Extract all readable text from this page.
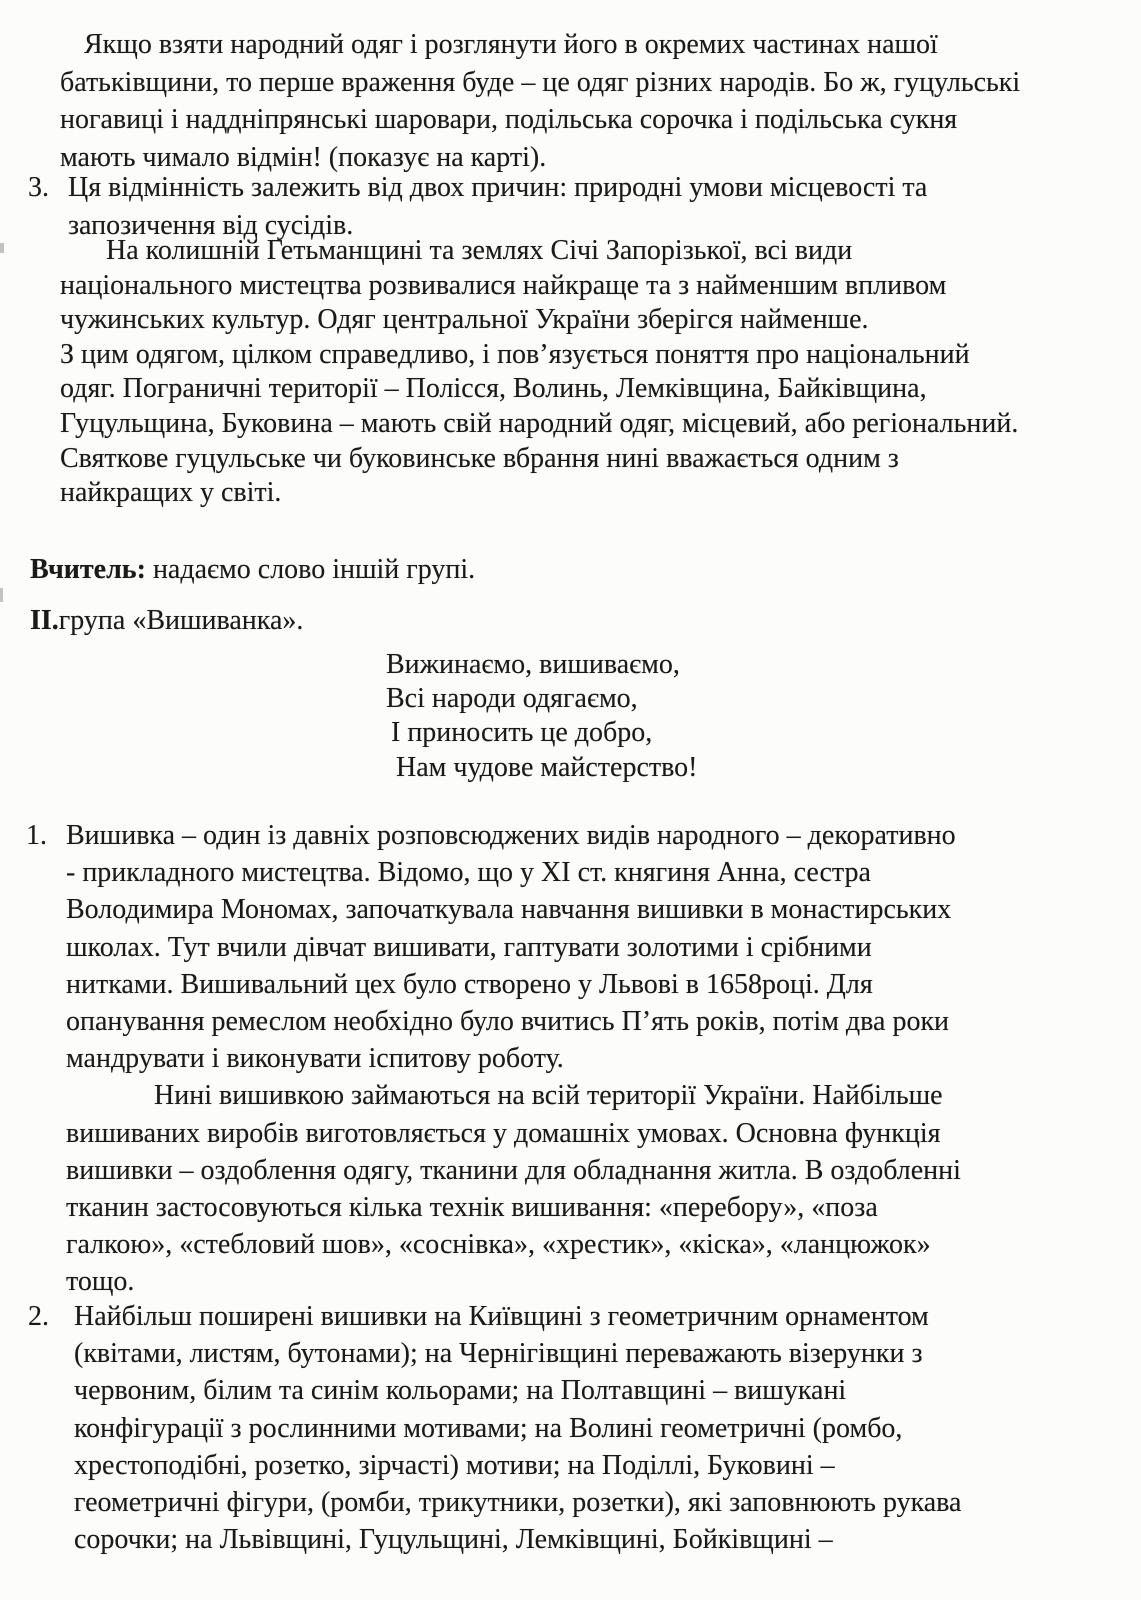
Якщо взяти народний одяг і розглянути його в окремих частинах нашої
батьківщини, то перше враження буде – це одяг різних народів. Бо ж, гуцульські
ногавиці і наддніпрянські шаровари, подільська сорочка і подільська сукня
мають чимало відмін! (показує на карті).
3. Ця відмінність залежить від двох причин: природні умови місцевості та
запозичення від сусідів.
На колишній Гетьманщині та землях Січі Запорізької, всі види
національного мистецтва розвивалися найкраще та з найменшим впливом
чужинських культур. Одяг центральної України зберігся найменше.
З цим одягом, цілком справедливо, і пов’язується поняття про національний
одяг. Пограничні території – Полісся, Волинь, Лемківщина, Байківщина,
Гуцульщина, Буковина – мають свій народний одяг, місцевий, або регіональний.
Святкове гуцульське чи буковинське вбрання нині вважається одним з
найкращих у світі.
Вчитель: надаємо слово іншій групі.
ІІ.група «Вишиванка».
Вижинаємо, вишиваємо,
Всі народи одягаємо,
І приносить це добро,
Нам чудове майстерство!
1. Вишивка – один із давніх розповсюджених видів народного – декоративно
- прикладного мистецтва. Відомо, що у XI ст. княгиня Анна, сестра
Володимира Мономах, започаткувала навчання вишивки в монастирських
школах. Тут вчили дівчат вишивати, гаптувати золотими і срібними
нитками. Вишивальний цех було створено у Львові в 1658році. Для
опанування ремеслом необхідно було вчитись П’ять років, потім два роки
мандрувати і виконувати іспитову роботу.
Нині вишивкою займаються на всій території України. Найбільше
вишиваних виробів виготовляється у домашніх умовах. Основна функція
вишивки – оздоблення одягу, тканини для обладнання житла. В оздобленні
тканин застосовуються кілька технік вишивання: «перебору», «поза
галкою», «стебловий шов», «соснівка», «хрестик», «кіска», «ланцюжок»
тощо.
2. Найбільш поширені вишивки на Київщині з геометричним орнаментом
(квітами, листям, бутонами); на Чернігівщині переважають візерунки з
червоним, білим та синім кольорами; на Полтавщині – вишукані
конфігурації з рослинними мотивами; на Волині геометричні (ромбо,
хрестоподібні, розетко, зірчасті) мотиви; на Поділлі, Буковині –
геометричні фігури, (ромби, трикутники, розетки), які заповнюють рукава
сорочки; на Львівщині, Гуцульщині, Лемківщині, Бойківщині –
